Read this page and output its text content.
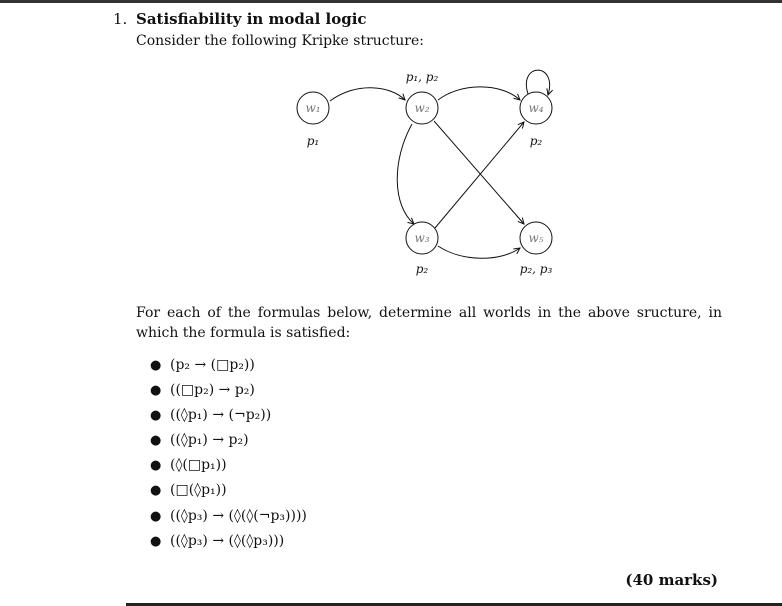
1. Satisfiability in modal logic
Consider the following Kripke structure:
w₁	w₂
w₃
w₄
w₅
p₁
p₁, p₂
p₂
p₂
p₂, p₃
For each of the formulas below, determine all worlds in the above sructure, in which the formula is satisfied:
● (p₂ → (□p₂))
● ((□p₂) → p₂)
● ((◊p₁) → (¬p₂))
● ((◊p₁) → p₂)
● (◊(□p₁))
● (□(◊p₁))
● ((◊p₃) → (◊(◊(¬p₃))))
● ((◊p₃) → (◊(◊p₃)))
(40 marks)
